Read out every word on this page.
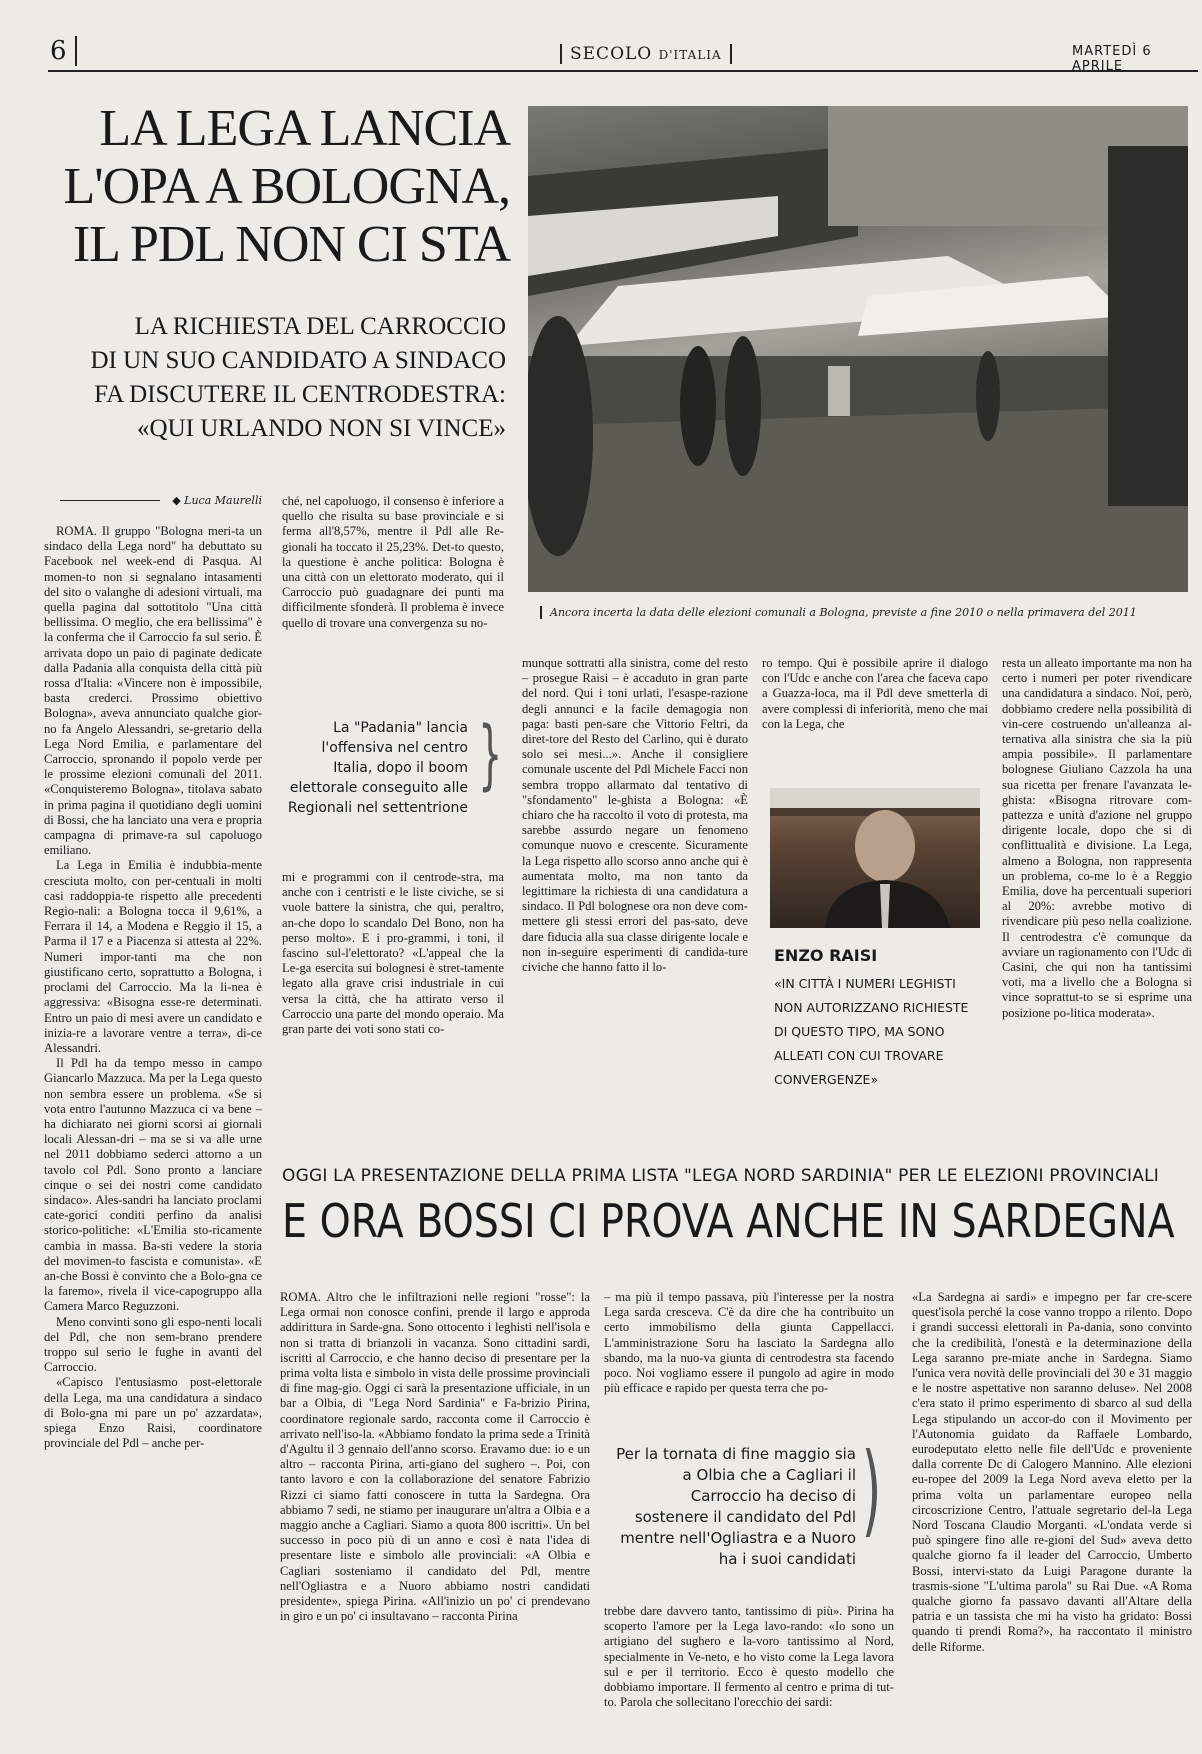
6	SECOLO D'ITALIA	MARTEDÌ 6 APRILE
LA LEGA LANCIA
L'OPA A BOLOGNA,
IL PDL NON CI STA
LA RICHIESTA DEL CARROCCIO
DI UN SUO CANDIDATO A SINDACO
FA DISCUTERE IL CENTRODESTRA:
«QUI URLANDO NON SI VINCE»
Ancora incerta la data delle elezioni comunali a Bologna, previste a fine 2010 o nella primavera del 2011
◆ Luca Maurelli

ROMA. Il gruppo "Bologna meri-ta un sindaco della Lega nord" ha debuttato su Facebook nel week-end di Pasqua. Al momen-to non si segnalano intasamenti del sito o valanghe di adesioni virtuali, ma quella pagina dal sottotitolo "Una città bellissima. O meglio, che era bellissima" è la conferma che il Carroccio fa sul serio. È arrivata dopo un paio di paginate dedicate dalla Padania alla conquista della città più rossa d'Italia: «Vincere non è impossibile, basta crederci. Prossimo obiettivo Bologna», aveva annunciato qualche gior-no fa Angelo Alessandri, se-gretario della Lega Nord Emilia, e parlamentare del Carroccio, spronando il popolo verde per le prossime elezioni comunali del 2011. «Conquisteremo Bologna», titolava sabato in prima pagina il quotidiano degli uomini di Bossi, che ha lanciato una vera e propria campagna di primave-ra sul capoluogo emiliano.

La Lega in Emilia è indubbia-mente cresciuta molto, con per-centuali in molti casi raddoppia-te rispetto alle precedenti Regio-nali: a Bologna tocca il 9,61%, a Ferrara il 14, a Modena e Reggio il 15, a Parma il 17 e a Piacenza si attesta al 22%. Numeri impor-tanti ma che non giustificano certo, soprattutto a Bologna, i proclami del Carroccio. Ma la li-nea è aggressiva: «Bisogna esse-re determinati. Entro un paio di mesi avere un candidato e inizia-re a lavorare ventre a terra», di-ce Alessandri.

Il Pdl ha da tempo messo in campo Giancarlo Mazzuca. Ma per la Lega questo non sembra essere un problema. «Se si vota entro l'autunno Mazzuca ci va bene – ha dichiarato nei giorni scorsi ai giornali locali Alessan-dri – ma se si va alle urne nel 2011 dobbiamo sederci attorno a un tavolo col Pdl. Sono pronto a lanciare cinque o sei dei nostri come candidato sindaco». Ales-sandri ha lanciato proclami cate-gorici conditi perfino da analisi storico-politiche: «L'Emilia sto-ricamente cambia in massa. Ba-sti vedere la storia del movimen-to fascista e comunista». «E an-che Bossi è convinto che a Bolo-gna ce la faremo», rivela il vice-capogruppo alla Camera Marco Reguzzoni.

Meno convinti sono gli espo-nenti locali del Pdl, che non sem-brano prendere troppo sul serio le fughe in avanti del Carroccio.

«Capisco l'entusiasmo post-elettorale della Lega, ma una candidatura a sindaco di Bolo-gna mi pare un po' azzardata», spiega Enzo Raisi, coordinatore provinciale del Pdl – anche per-

ché, nel capoluogo, il consenso è inferiore a quello che risulta su base provinciale e si ferma all'8,57%, mentre il Pdl alle Re-gionali ha toccato il 25,23%. Det-to questo, la questione è anche politica: Bologna è una città con un elettorato moderato, qui il Carroccio può guadagnare dei punti ma difficilmente sfonderà. Il problema è invece quello di trovare una convergenza su no-

La "Padania" lancia l'offensiva nel centro Italia, dopo il boom elettorale conseguito alle Regionali nel settentrione
}

mi e programmi con il centrode-stra, ma anche con i centristi e le liste civiche, se si vuole battere la sinistra, che qui, peraltro, an-che dopo lo scandalo Del Bono, non ha perso molto». E i pro-grammi, i toni, il fascino sul-l'elettorato? «L'appeal che la Le-ga esercita sui bolognesi è stret-tamente legato alla grave crisi industriale in cui versa la città, che ha attirato verso il Carroccio una parte del mondo operaio. Ma gran parte dei voti sono stati co-

munque sottratti alla sinistra, come del resto – prosegue Raisi – è accaduto in gran parte del nord. Qui i toni urlati, l'esaspe-razione degli annunci e la facile demagogia non paga: basti pen-sare che Vittorio Feltri, da diret-tore del Resto del Carlino, qui è durato solo sei mesi...». Anche il consigliere comunale uscente del Pdl Michele Facci non sembra troppo allarmato dal tentativo di "sfondamento" le-ghista a Bologna: «È chiaro che ha raccolto il voto di protesta, ma sarebbe assurdo negare un fenomeno comunque nuovo e crescente. Sicuramente la Lega rispetto allo scorso anno anche qui è aumentata molto, ma non tanto da legittimare la richiesta di una candidatura a sindaco. Il Pdl bolognese ora non deve com-mettere gli stessi errori del pas-sato, deve dare fiducia alla sua classe dirigente locale e non in-seguire esperimenti di candida-ture civiche che hanno fatto il lo-

ro tempo. Qui è possibile aprire il dialogo con l'Udc e anche con l'area che faceva capo a Guazza-loca, ma il Pdl deve smetterla di avere complessi di inferiorità, meno che mai con la Lega, che

ENZO RAISI
«IN CITTÀ I NUMERI LEGHISTI NON AUTORIZZANO RICHIESTE DI QUESTO TIPO, MA SONO ALLEATI CON CUI TROVARE CONVERGENZE»

resta un alleato importante ma non ha certo i numeri per poter rivendicare una candidatura a sindaco. Noi, però, dobbiamo credere nella possibilità di vin-cere costruendo un'alleanza al-ternativa alla sinistra che sia la più ampia possibile». Il parlamentare bolognese Giuliano Cazzola ha una sua ricetta per frenare l'avanzata le-ghista: «Bisogna ritrovare com-pattezza e unità d'azione nel gruppo dirigente locale, dopo che si di conflittualità e divisione. La Lega, almeno a Bologna, non rappresenta un problema, co-me lo è a Reggio Emilia, dove ha percentuali superiori al 20%: avrebbe motivo di rivendicare più peso nella coalizione. Il centrodestra c'è comunque da avviare un ragionamento con l'Udc di Casini, che qui non ha tantissimi voti, ma a livello che a Bologna si vince soprattut-to se si esprime una posizione po-litica moderata».

OGGI LA PRESENTAZIONE DELLA PRIMA LISTA "LEGA NORD SARDINIA" PER LE ELEZIONI PROVINCIALI
E ORA BOSSI CI PROVA ANCHE IN SARDEGNA

ROMA. Altro che le infiltrazioni nelle regioni "rosse": la Lega ormai non conosce confini, prende il largo e approda addirittura in Sarde-gna. Sono ottocento i leghisti nell'isola e non si tratta di brianzoli in vacanza. Sono cittadini sardi, iscritti al Carroccio, e che hanno deciso di presentare per la prima volta lista e simbolo in vista delle prossime provinciali di fine mag-gio. Oggi ci sarà la presentazione ufficiale, in un bar a Olbia, di "Lega Nord Sardinia" e Fa-brizio Pirina, coordinatore regionale sardo, racconta come il Carroccio è arrivato nell'iso-la. «Abbiamo fondato la prima sede a Trinità d'Agultu il 3 gennaio dell'anno scorso. Eravamo due: io e un altro – racconta Pirina, arti-giano del sughero –. Poi, con tanto lavoro e con la collaborazione del senatore Fabrizio Rizzi ci siamo fatti conoscere in tutta la Sardegna. Ora abbiamo 7 sedi, ne stiamo per inaugurare un'altra a Olbia e a maggio anche a Cagliari. Siamo a quota 800 iscritti». Un bel successo in poco più di un anno e così è nata l'idea di presentare liste e simbolo alle provinciali: «A Olbia e Cagliari sosteniamo il candidato del Pdl, mentre nell'Ogliastra e a Nuoro abbiamo nostri candidati presidente», spiega Pirina. «All'inizio un po' ci prendevano in giro e un po' ci insultavano – racconta Pirina

– ma più il tempo passava, più l'interesse per la nostra Lega sarda cresceva. C'è da dire che ha contribuito un certo immobilismo della giunta Cappellacci. L'amministrazione Soru ha lasciato la Sardegna allo sbando, ma la nuo-va giunta di centrodestra sta facendo poco. Noi vogliamo essere il pungolo ad agire in modo più efficace e rapido per questa terra che po-

Per la tornata di fine maggio sia a Olbia che a Cagliari il Carroccio ha deciso di sostenere il candidato del Pdl mentre nell'Ogliastra e a Nuoro ha i suoi candidati
)

trebbe dare davvero tanto, tantissimo di più». Pirina ha scoperto l'amore per la Lega lavo-rando: «Io sono un artigiano del sughero e la-voro tantissimo al Nord, specialmente in Ve-neto, e ho visto come la Lega lavora sul e per il territorio. Ecco è questo modello che dobbiamo importare. Il fermento al centro e prima di tut-to. Parola che sollecitano l'orecchio dei sardi:

«La Sardegna ai sardi» e impegno per far cre-scere quest'isola perché la cose vanno troppo a rilento. Dopo i grandi successi elettorali in Pa-dania, sono convinto che la credibilità, l'onestà e la determinazione della Lega saranno pre-miate anche in Sardegna. Siamo l'unica vera novità delle provinciali del 30 e 31 maggio e le nostre aspettative non saranno deluse». Nel 2008 c'era stato il primo esperimento di sbarco al sud della Lega stipulando un accor-do con il Movimento per l'Autonomia guidato da Raffaele Lombardo, eurodeputato eletto nelle file dell'Udc e proveniente dalla corrente Dc di Calogero Mannino. Alle elezioni eu-ropee del 2009 la Lega Nord aveva eletto per la prima volta un parlamentare europeo nella circoscrizione Centro, l'attuale segretario del-la Lega Nord Toscana Claudio Morganti. «L'ondata verde si può spingere fino alle re-gioni del Sud» aveva detto qualche giorno fa il leader del Carroccio, Umberto Bossi, intervi-stato da Luigi Paragone durante la trasmis-sione "L'ultima parola" su Rai Due. «A Roma qualche giorno fa passavo davanti all'Altare della patria e un tassista che mi ha visto ha gridato: Bossi quando ti prendi Roma?», ha raccontato il ministro delle Riforme.
